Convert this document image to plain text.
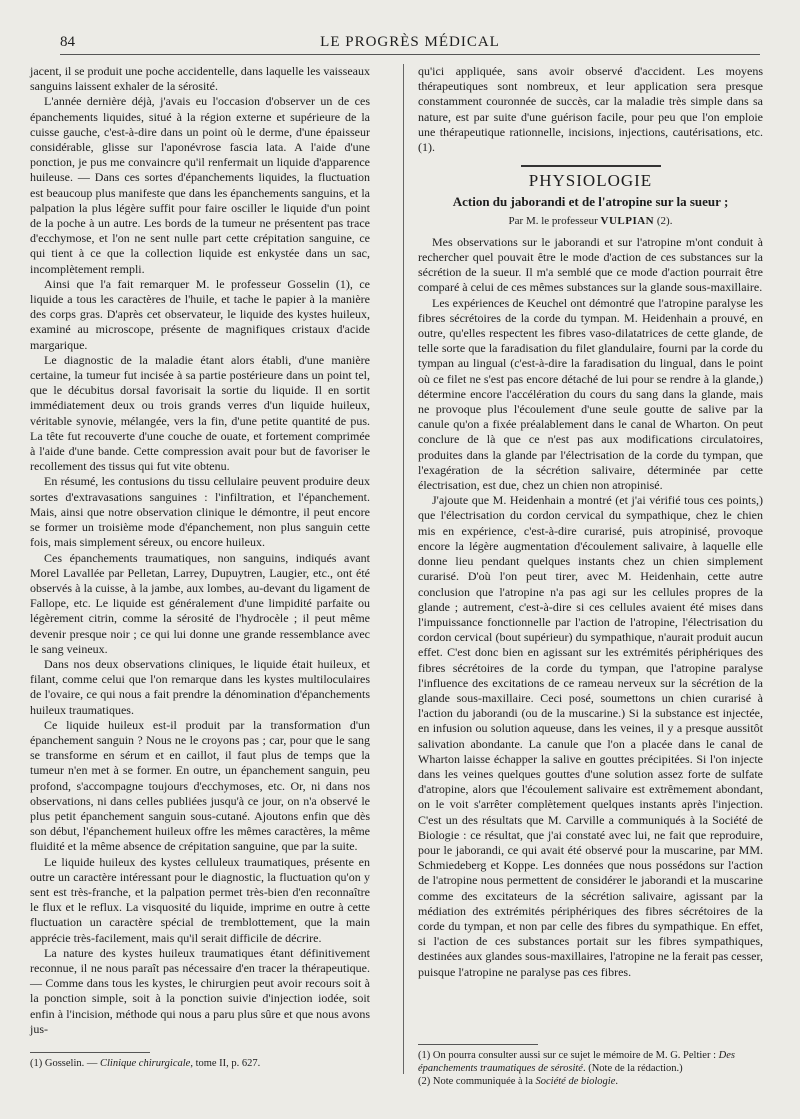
84	LE PROGRÈS MÉDICAL

jacent, il se produit une poche accidentelle, dans laquelle les vaisseaux sanguins laissent exhaler de la sérosité.

L'année dernière déjà, j'avais eu l'occasion d'observer un de ces épanchements liquides, situé à la région externe et supérieure de la cuisse gauche, c'est-à-dire dans un point où le derme, d'une épaisseur considérable, glisse sur l'aponévrose fascia lata. A l'aide d'une ponction, je pus me convaincre qu'il renfermait un liquide d'apparence huileuse. — Dans ces sortes d'épanchements liquides, la fluctuation est beaucoup plus manifeste que dans les épanchements sanguins, et la palpation la plus légère suffit pour faire osciller le liquide d'un point de la poche à un autre. Les bords de la tumeur ne présentent pas trace d'ecchymose, et l'on ne sent nulle part cette crépitation sanguine, ce qui tient à ce que la collection liquide est enkystée dans un sac, incomplètement rempli.

Ainsi que l'a fait remarquer M. le professeur Gosselin (1), ce liquide a tous les caractères de l'huile, et tache le papier à la manière des corps gras. D'après cet observateur, le liquide des kystes huileux, examiné au microscope, présente de magnifiques cristaux d'acide margarique.

Le diagnostic de la maladie étant alors établi, d'une manière certaine, la tumeur fut incisée à sa partie postérieure dans un point tel, que le décubitus dorsal favorisait la sortie du liquide. Il en sortit immédiatement deux ou trois grands verres d'un liquide huileux, véritable synovie, mélangée, vers la fin, d'une petite quantité de pus. La tête fut recouverte d'une couche de ouate, et fortement comprimée à l'aide d'une bande. Cette compression avait pour but de favoriser le recollement des tissus qui fut vite obtenu.

En résumé, les contusions du tissu cellulaire peuvent produire deux sortes d'extravasations sanguines : l'infiltration, et l'épanchement. Mais, ainsi que notre observation clinique le démontre, il peut encore se former un troisième mode d'épanchement, non plus sanguin cette fois, mais simplement séreux, ou encore huileux.

Ces épanchements traumatiques, non sanguins, indiqués avant Morel Lavallée par Pelletan, Larrey, Dupuytren, Laugier, etc., ont été observés à la cuisse, à la jambe, aux lombes, au-devant du ligament de Fallope, etc. Le liquide est généralement d'une limpidité parfaite ou légèrement citrin, comme la sérosité de l'hydrocèle ; il peut même devenir presque noir ; ce qui lui donne une grande ressemblance avec le sang veineux.

Dans nos deux observations cliniques, le liquide était huileux, et filant, comme celui que l'on remarque dans les kystes multiloculaires de l'ovaire, ce qui nous a fait prendre la dénomination d'épanchements huileux traumatiques.

Ce liquide huileux est-il produit par la transformation d'un épanchement sanguin ? Nous ne le croyons pas ; car, pour que le sang se transforme en sérum et en caillot, il faut plus de temps que la tumeur n'en met à se former. En outre, un épanchement sanguin, peu profond, s'accompagne toujours d'ecchymoses, etc. Or, ni dans nos observations, ni dans celles publiées jusqu'à ce jour, on n'a observé le plus petit épanchement sanguin sous-cutané. Ajoutons enfin que dès son début, l'épanchement huileux offre les mêmes caractères, la même fluidité et la même absence de crépitation sanguine, que par la suite.

Le liquide huileux des kystes celluleux traumatiques, présente en outre un caractère intéressant pour le diagnostic, la fluctuation qu'on y sent est très-franche, et la palpation permet très-bien d'en reconnaître le flux et le reflux. La visquosité du liquide, imprime en outre à cette fluctuation un caractère spécial de tremblottement, que la main apprécie très-facilement, mais qu'il serait difficile de décrire.

La nature des kystes huileux traumatiques étant définitivement reconnue, il ne nous paraît pas nécessaire d'en tracer la thérapeutique. — Comme dans tous les kystes, le chirurgien peut avoir recours soit à la ponction simple, soit à la ponction suivie d'injection iodée, soit enfin à l'incision, méthode qui nous a paru plus sûre et que nous avons jus-

(1) Gosselin. — Clinique chirurgicale, tome II, p. 627.

qu'ici appliquée, sans avoir observé d'accident. Les moyens thérapeutiques sont nombreux, et leur application sera presque constamment couronnée de succès, car la maladie très simple dans sa nature, est par suite d'une guérison facile, pour peu que l'on emploie une thérapeutique rationnelle, incisions, injections, cautérisations, etc. (1).

PHYSIOLOGIE
Action du jaborandi et de l'atropine sur la sueur ;
Par M. le professeur VULPIAN (2).

Mes observations sur le jaborandi et sur l'atropine m'ont conduit à rechercher quel pouvait être le mode d'action de ces substances sur la sécrétion de la sueur. Il m'a semblé que ce mode d'action pourrait être comparé à celui de ces mêmes substances sur la glande sous-maxillaire.

Les expériences de Keuchel ont démontré que l'atropine paralyse les fibres sécrétoires de la corde du tympan. M. Heidenhain a prouvé, en outre, qu'elles respectent les fibres vaso-dilatatrices de cette glande, de telle sorte que la faradisation du filet glandulaire, fourni par la corde du tympan au lingual (c'est-à-dire la faradisation du lingual, dans le point où ce filet ne s'est pas encore détaché de lui pour se rendre à la glande,) détermine encore l'accélération du cours du sang dans la glande, mais ne provoque plus l'écoulement d'une seule goutte de salive par la canule qu'on a fixée préalablement dans le canal de Wharton. On peut conclure de là que ce n'est pas aux modifications circulatoires, produites dans la glande par l'électrisation de la corde du tympan, que l'exagération de la sécrétion salivaire, déterminée par cette électrisation, est due, chez un chien non atropinisé.

J'ajoute que M. Heidenhain a montré (et j'ai vérifié tous ces points,) que l'électrisation du cordon cervical du sympathique, chez le chien mis en expérience, c'est-à-dire curarisé, puis atropinisé, provoque encore la légère augmentation d'écoulement salivaire, à laquelle elle donne lieu pendant quelques instants chez un chien simplement curarisé. D'où l'on peut tirer, avec M. Heidenhain, cette autre conclusion que l'atropine n'a pas agi sur les cellules propres de la glande ; autrement, c'est-à-dire si ces cellules avaient été mises dans l'impuissance fonctionnelle par l'action de l'atropine, l'électrisation du cordon cervical (bout supérieur) du sympathique, n'aurait produit aucun effet. C'est donc bien en agissant sur les extrémités périphériques des fibres sécrétoires de la corde du tympan, que l'atropine paralyse l'influence des excitations de ce rameau nerveux sur la sécrétion de la glande sous-maxillaire. Ceci posé, soumettons un chien curarisé à l'action du jaborandi (ou de la muscarine.) Si la substance est injectée, en infusion ou solution aqueuse, dans les veines, il y a presque aussitôt salivation abondante. La canule que l'on a placée dans le canal de Wharton laisse échapper la salive en gouttes précipitées. Si l'on injecte dans les veines quelques gouttes d'une solution assez forte de sulfate d'atropine, alors que l'écoulement salivaire est extrêmement abondant, on le voit s'arrêter complètement quelques instants après l'injection. C'est un des résultats que M. Carville a communiqués à la Société de Biologie : ce résultat, que j'ai constaté avec lui, ne fait que reproduire, pour le jaborandi, ce qui avait été observé pour la muscarine, par MM. Schmiedeberg et Koppe. Les données que nous possédons sur l'action de l'atropine nous permettent de considérer le jaborandi et la muscarine comme des excitateurs de la sécrétion salivaire, agissant par la médiation des extrémités périphériques des fibres sécrétoires de la corde du tympan, et non par celle des fibres du sympathique. En effet, si l'action de ces substances portait sur les fibres sympathiques, destinées aux glandes sous-maxillaires, l'atropine ne la ferait pas cesser, puisque l'atropine ne paralyse pas ces fibres.

(1) On pourra consulter aussi sur ce sujet le mémoire de M. G. Peltier : Des épanchements traumatiques de sérosité. (Note de la rédaction.)

(2) Note communiquée à la Société de biologie.
